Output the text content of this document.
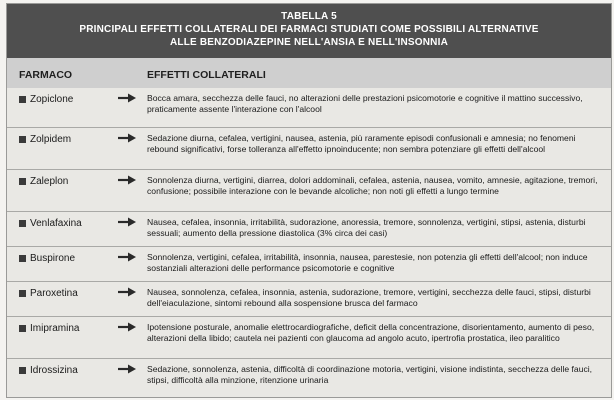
TABELLA 5
PRINCIPALI EFFETTI COLLATERALI DEI FARMACI STUDIATI COME POSSIBILI ALTERNATIVE
ALLE BENZODIAZEPINE NELL'ANSIA E NELL'INSONNIA
FARMACO	EFFETTI COLLATERALI
Zopiclone	Bocca amara, secchezza delle fauci, no alterazioni delle prestazioni psicomotorie e cognitive il mattino successivo, praticamente assente l'interazione con l'alcool
Zolpidem	Sedazione diurna, cefalea, vertigini, nausea, astenia, più raramente episodi confusionali e amnesia; no fenomeni rebound significativi, forse tolleranza all'effetto ipnoinducente; non sembra potenziare gli effetti dell'alcool
Zaleplon	Sonnolenza diurna, vertigini, diarrea, dolori addominali, cefalea, astenia, nausea, vomito, amnesie, agitazione, tremori, confusione; possibile interazione con le bevande alcoliche; non noti gli effetti a lungo termine
Venlafaxina	Nausea, cefalea, insonnia, irritabilità, sudorazione, anoressia, tremore, sonnolenza, vertigini, stipsi, astenia, disturbi sessuali; aumento della pressione diastolica (3% circa dei casi)
Buspirone	Sonnolenza, vertigini, cefalea, irritabilità, insonnia, nausea, parestesie, non potenzia gli effetti dell'alcool; non induce sostanziali alterazioni delle performance psicomotorie e cognitive
Paroxetina	Nausea, sonnolenza, cefalea, insonnia, astenia, sudorazione, tremore, vertigini, secchezza delle fauci, stipsi, disturbi dell'eiaculazione, sintomi rebound alla sospensione brusca del farmaco
Imipramina	Ipotensione posturale, anomalie elettrocardiografiche, deficit della concentrazione, disorientamento, aumento di peso, alterazioni della libido; cautela nei pazienti con glaucoma ad angolo acuto, ipertrofia prostatica, ileo paralitico
Idrossizina	Sedazione, sonnolenza, astenia, difficoltà di coordinazione motoria, vertigini, visione indistinta, secchezza delle fauci, stipsi, difficoltà alla minzione, ritenzione urinaria
